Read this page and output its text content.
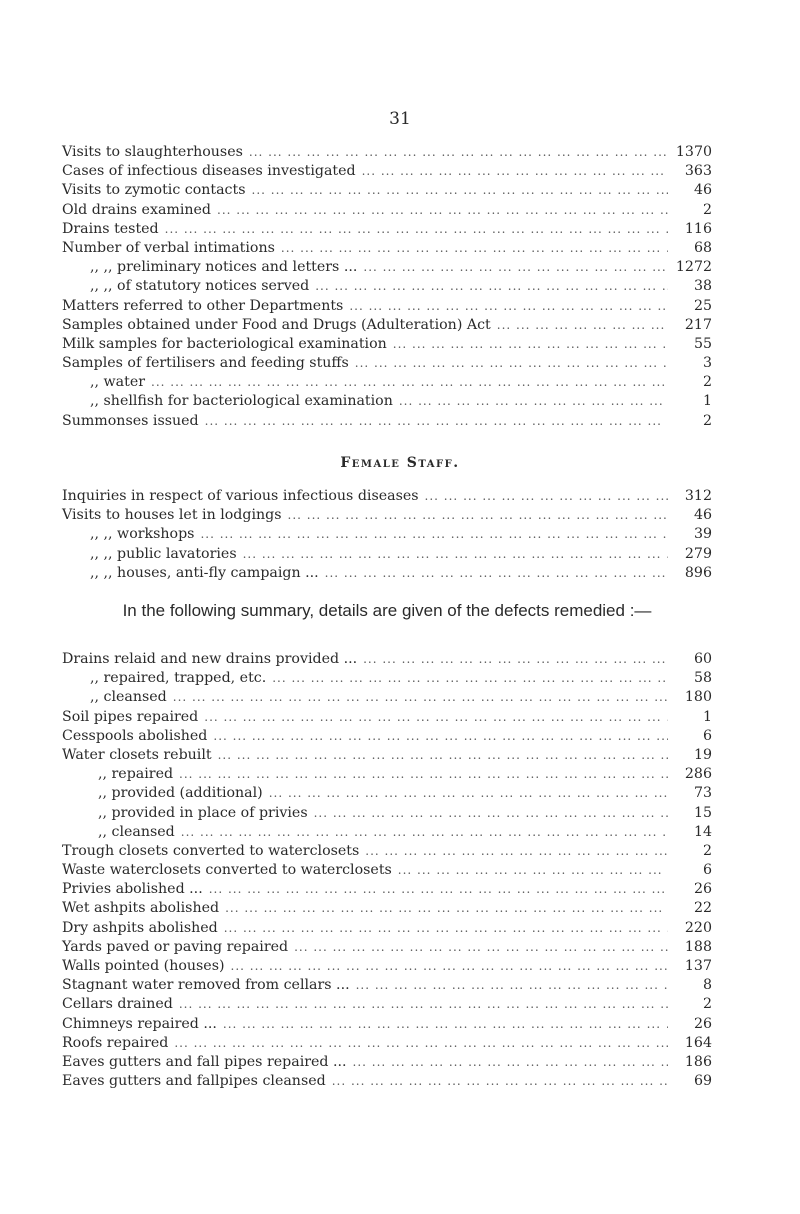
31
Visits to slaughterhouses ... .	1370
Cases of infectious diseases investigated ... .	363
Visits to zymotic contacts ... .	46
Old drains examined ... .	2
Drains tested ... .	116
Number of verbal intimations ... .	68
,, ,, preliminary notices and letters ... ... .	1272
,, ,, of statutory notices served ... .	38
Matters referred to other Departments ... .	25
Samples obtained under Food and Drugs (Adulteration) Act ... .	217
Milk samples for bacteriological examination ... .	55
Samples of fertilisers and feeding stuffs ... .	3
,, water ... .	2
,, shellfish for bacteriological examination ... .	1
Summonses issued ... .	2
Female Staff.
Inquiries in respect of various infectious diseases ... .	312
Visits to houses let in lodgings ... .	46
,, ,, workshops ... .	39
,, ,, public lavatories ... .	279
,, ,, houses, anti-fly campaign ... ... .	896
In the following summary, details are given of the defects remedied :—
Drains relaid and new drains provided ... ... .	60
,, repaired, trapped, etc. ... .	58
,, cleansed ... .	180
Soil pipes repaired ... .	1
Cesspools abolished ... .	6
Water closets rebuilt ... .	19
,, repaired ... .	286
,, provided (additional) ... .	73
,, provided in place of privies ... .	15
,, cleansed ... .	14
Trough closets converted to waterclosets ... .	2
Waste waterclosets converted to waterclosets ... .	6
Privies abolished ... ... .	26
Wet ashpits abolished ... .	22
Dry ashpits abolished ... .	220
Yards paved or paving repaired ... .	188
Walls pointed (houses) ... .	137
Stagnant water removed from cellars ... ... .	8
Cellars drained ... .	2
Chimneys repaired ... ... .	26
Roofs repaired ... .	164
Eaves gutters and fall pipes repaired ... ... .	186
Eaves gutters and fallpipes cleansed ... .	69
